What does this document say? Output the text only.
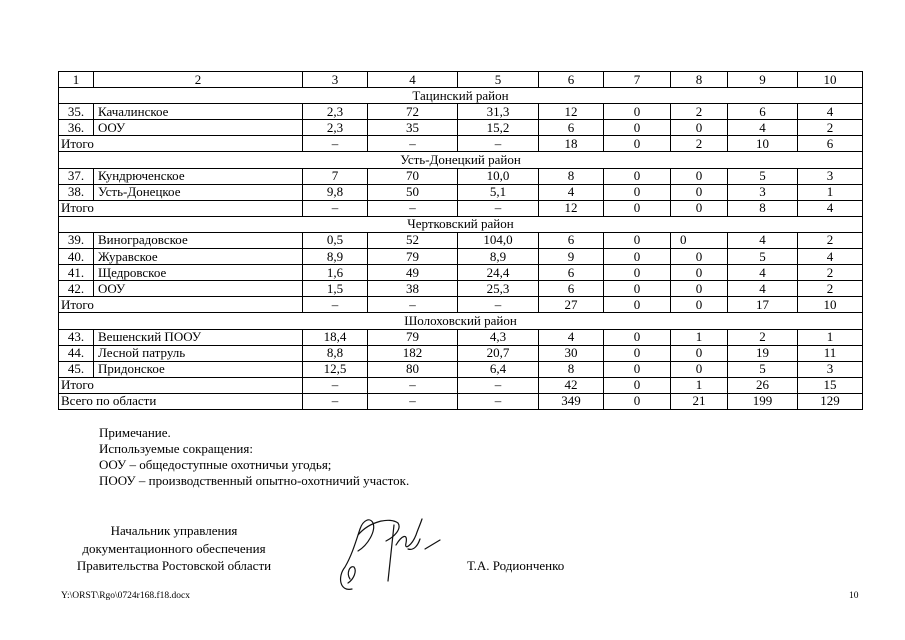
1	2	3	4	5	6	7	8	9	10
Тацинский район									
35.	Качалинское	2,3	72	31,3	12	0	2	6	4
36.	ООУ	2,3	35	15,2	6	0	0	4	2
Итого		–	–	–	18	0	2	10	6
Усть-Донецкий район									
37.	Кундрюченское	7	70	10,0	8	0	0	5	3
38.	Усть-Донецкое	9,8	50	5,1	4	0	0	3	1
Итого		–	–	–	12	0	0	8	4
Чертковский район									
39.	Виноградовское	0,5	52	104,0	6	0	0	4	2
40.	Журавское	8,9	79	8,9	9	0	0	5	4
41.	Щедровское	1,6	49	24,4	6	0	0	4	2
42.	ООУ	1,5	38	25,3	6	0	0	4	2
Итого		–	–	–	27	0	0	17	10
Шолоховский район									
43.	Вешенский ПООУ	18,4	79	4,3	4	0	1	2	1
44.	Лесной патруль	8,8	182	20,7	30	0	0	19	11
45.	Придонское	12,5	80	6,4	8	0	0	5	3
Итого		–	–	–	42	0	1	26	15
Всего по области		–	–	–	349	0	21	199	129
Примечание.
Используемые сокращения:
ООУ – общедоступные охотничьи угодья;
ПООУ – производственный опытно-охотничий участок.
Начальник управления
документационного обеспечения
Правительства Ростовской области	Т.А. Родионченко
Y:\ORST\Rgo\0724r168.f18.docx	10
